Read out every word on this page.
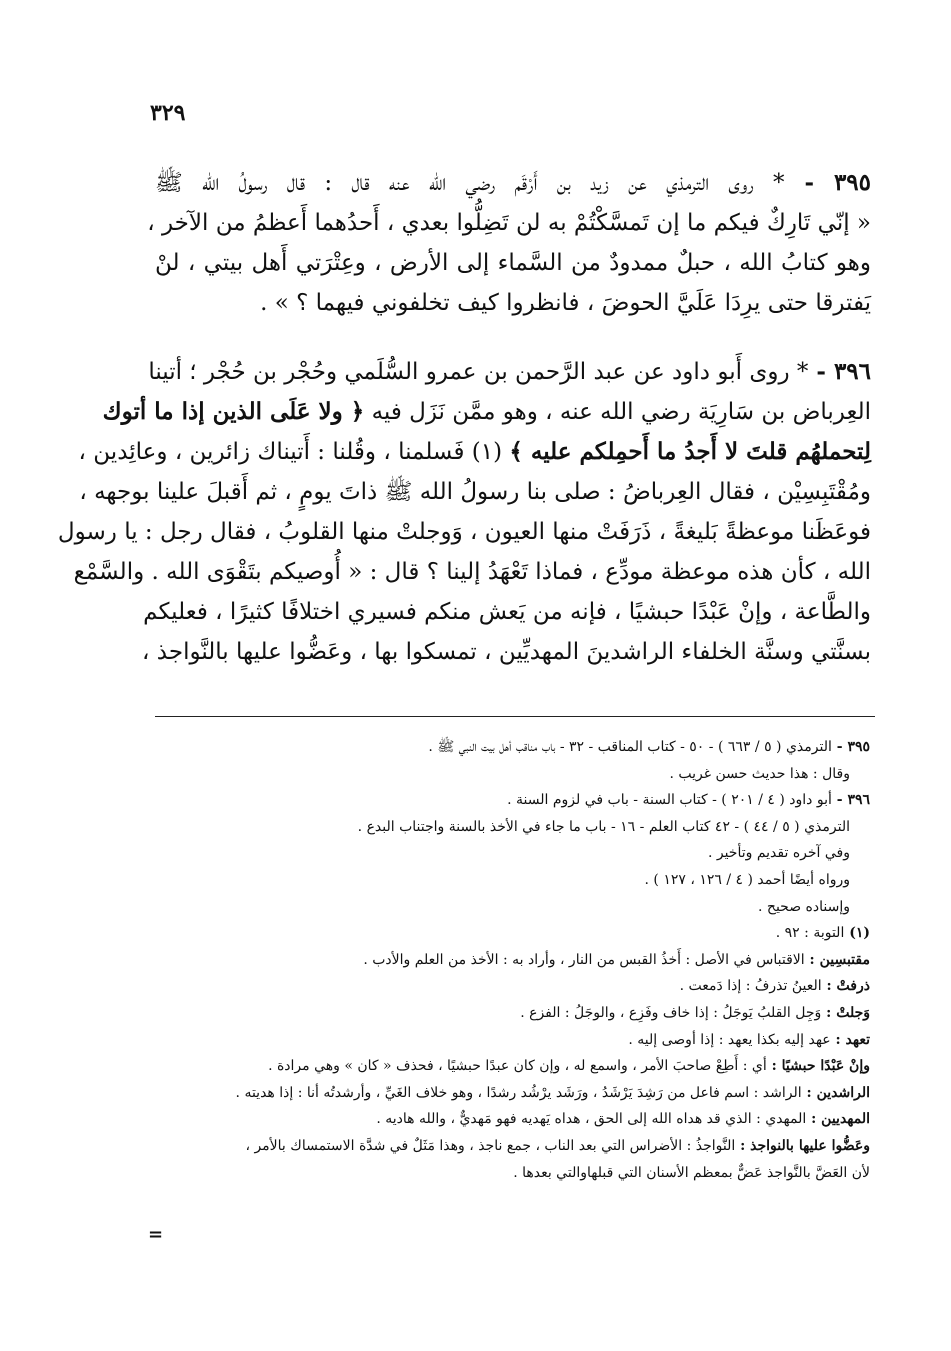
٣٢٩
٣٩٥ - * روى الترمذي عن زيد بن أَرْقَم رضي الله عنه قال : قال رسولُ الله ﷺ
« إنّي تَارِكٌ فيكم ما إن تَمسَّكْتُمْ به لن تَضِلُّوا بعدي ، أَحدُهما أَعظمُ من الآخر ،
وهو كتابُ الله ، حبلٌ ممدودٌ من السَّماء إلى الأرض ، وعِتْرَتي أَهل بيتي ، لنْ
يَفترقا حتى يرِدَا عَلَيَّ الحوضَ ، فانظروا كيف تخلفوني فيهما ؟ » .
٣٩٦ - * روى أَبو داود عن عبد الرَّحمن بن عمرو السُّلَمي وحُجْر بن حُجْر ؛ أتينا
العِرباض بن سَارِيَة رضي الله عنه ، وهو ممَّن نَزَل فيه ﴿ ولا عَلَى الذين إذا ما أتوك
لِتحملهُم قلتَ لا أَجدُ ما أَحمِلكم عليه ﴾ (١) فَسلمنا ، وقُلنا : أَتيناك زائرين ، وعائِدين ،
ومُقْتَبِسِيْن ، فقال العِرباضُ : صلى بنا رسولُ الله ﷺ ذاتَ يومٍ ، ثم أَقبلَ علينا بوجهه ،
فوعَظَنا موعظةً بَليغةً ، ذَرَفَتْ منها العيون ، وَوجلتْ منها القلوبُ ، فقال رجل : يا رسول
الله ، كأن هذه موعظة مودِّع ، فماذا تَعْهَدُ إلينا ؟ قال : « أُوصيكم بتَقْوَى الله . والسَّمْع
والطَّاعة ، وإنْ عَبْدًا حبشيًا ، فإنه من يَعش منكم فسيري اختلافًا كثيرًا ، فعليكم
بسنَّتي وسنَّة الخلفاء الراشدينَ المهديِّين ، تمسكوا بها ، وعَضُّوا عليها بالنَّواجذ ،
٣٩٥ - الترمذي ( ٥ / ٦٦٣ ) - ٥٠ - كتاب المناقب - ٣٢ - باب مناقب أهل بيت النبي ﷺ .
وقال : هذا حديث حسن غريب .
٣٩٦ - أبو داود ( ٤ / ٢٠١ ) - كتاب السنة - باب في لزوم السنة .
الترمذي ( ٥ / ٤٤ ) - ٤٢ كتاب العلم - ١٦ - باب ما جاء في الأخذ بالسنة واجتناب البدع .
وفي آخره تقديم وتأخير .
ورواه أيضًا أحمد ( ٤ / ١٢٦ ، ١٢٧ ) .
وإسناده صحيح .
(١) التوبة : ٩٢ .
مقتبسِين : الاقتباس في الأصل : أَخذُ القبس من النار ، وأراد به : الأخذ من العلم والأدب .
ذرفتْ : العينُ تذرفُ : إذا دَمعت .
وَجلتْ : وَجِل القلبُ يَوجَلُ : إذا خاف وفَزِع ، والوجَلُ : الفزع .
تعهد : عهد إليه بكذا يعهد : إذا أوصى إليه .
وإنْ عَبْدًا حبشيًا : أي : أَطِعْ صاحبَ الأمر ، واسمع له ، وإن كان عبدًا حبشيًا ، فحذف « كان » وهي مرادة .
الراشدين : الراشد : اسم فاعل من رَشِدَ يَرْشَدُ ، ورَشَد يرْشُد رشدًا ، وهو خلاف الغَيِّ ، وأرشدتُه أنا : إذا هديته .
المهديين : المهدي : الذي قد هداه الله إلى الحق ، هداه يَهديه فهو مَهديٌّ ، والله هاديه .
وعَضُّوا عليها بالنواجذ : النَّواجذُ : الأضراس التي بعد الناب ، جمع ناجذ ، وهذا مَثَلٌ في شدَّة الاستمساك بالأمر ،
لأن العَضَّ بالنَّواجذ عَضٌّ بمعظم الأسنان التي قبلهاوالتي بعدها .
=
